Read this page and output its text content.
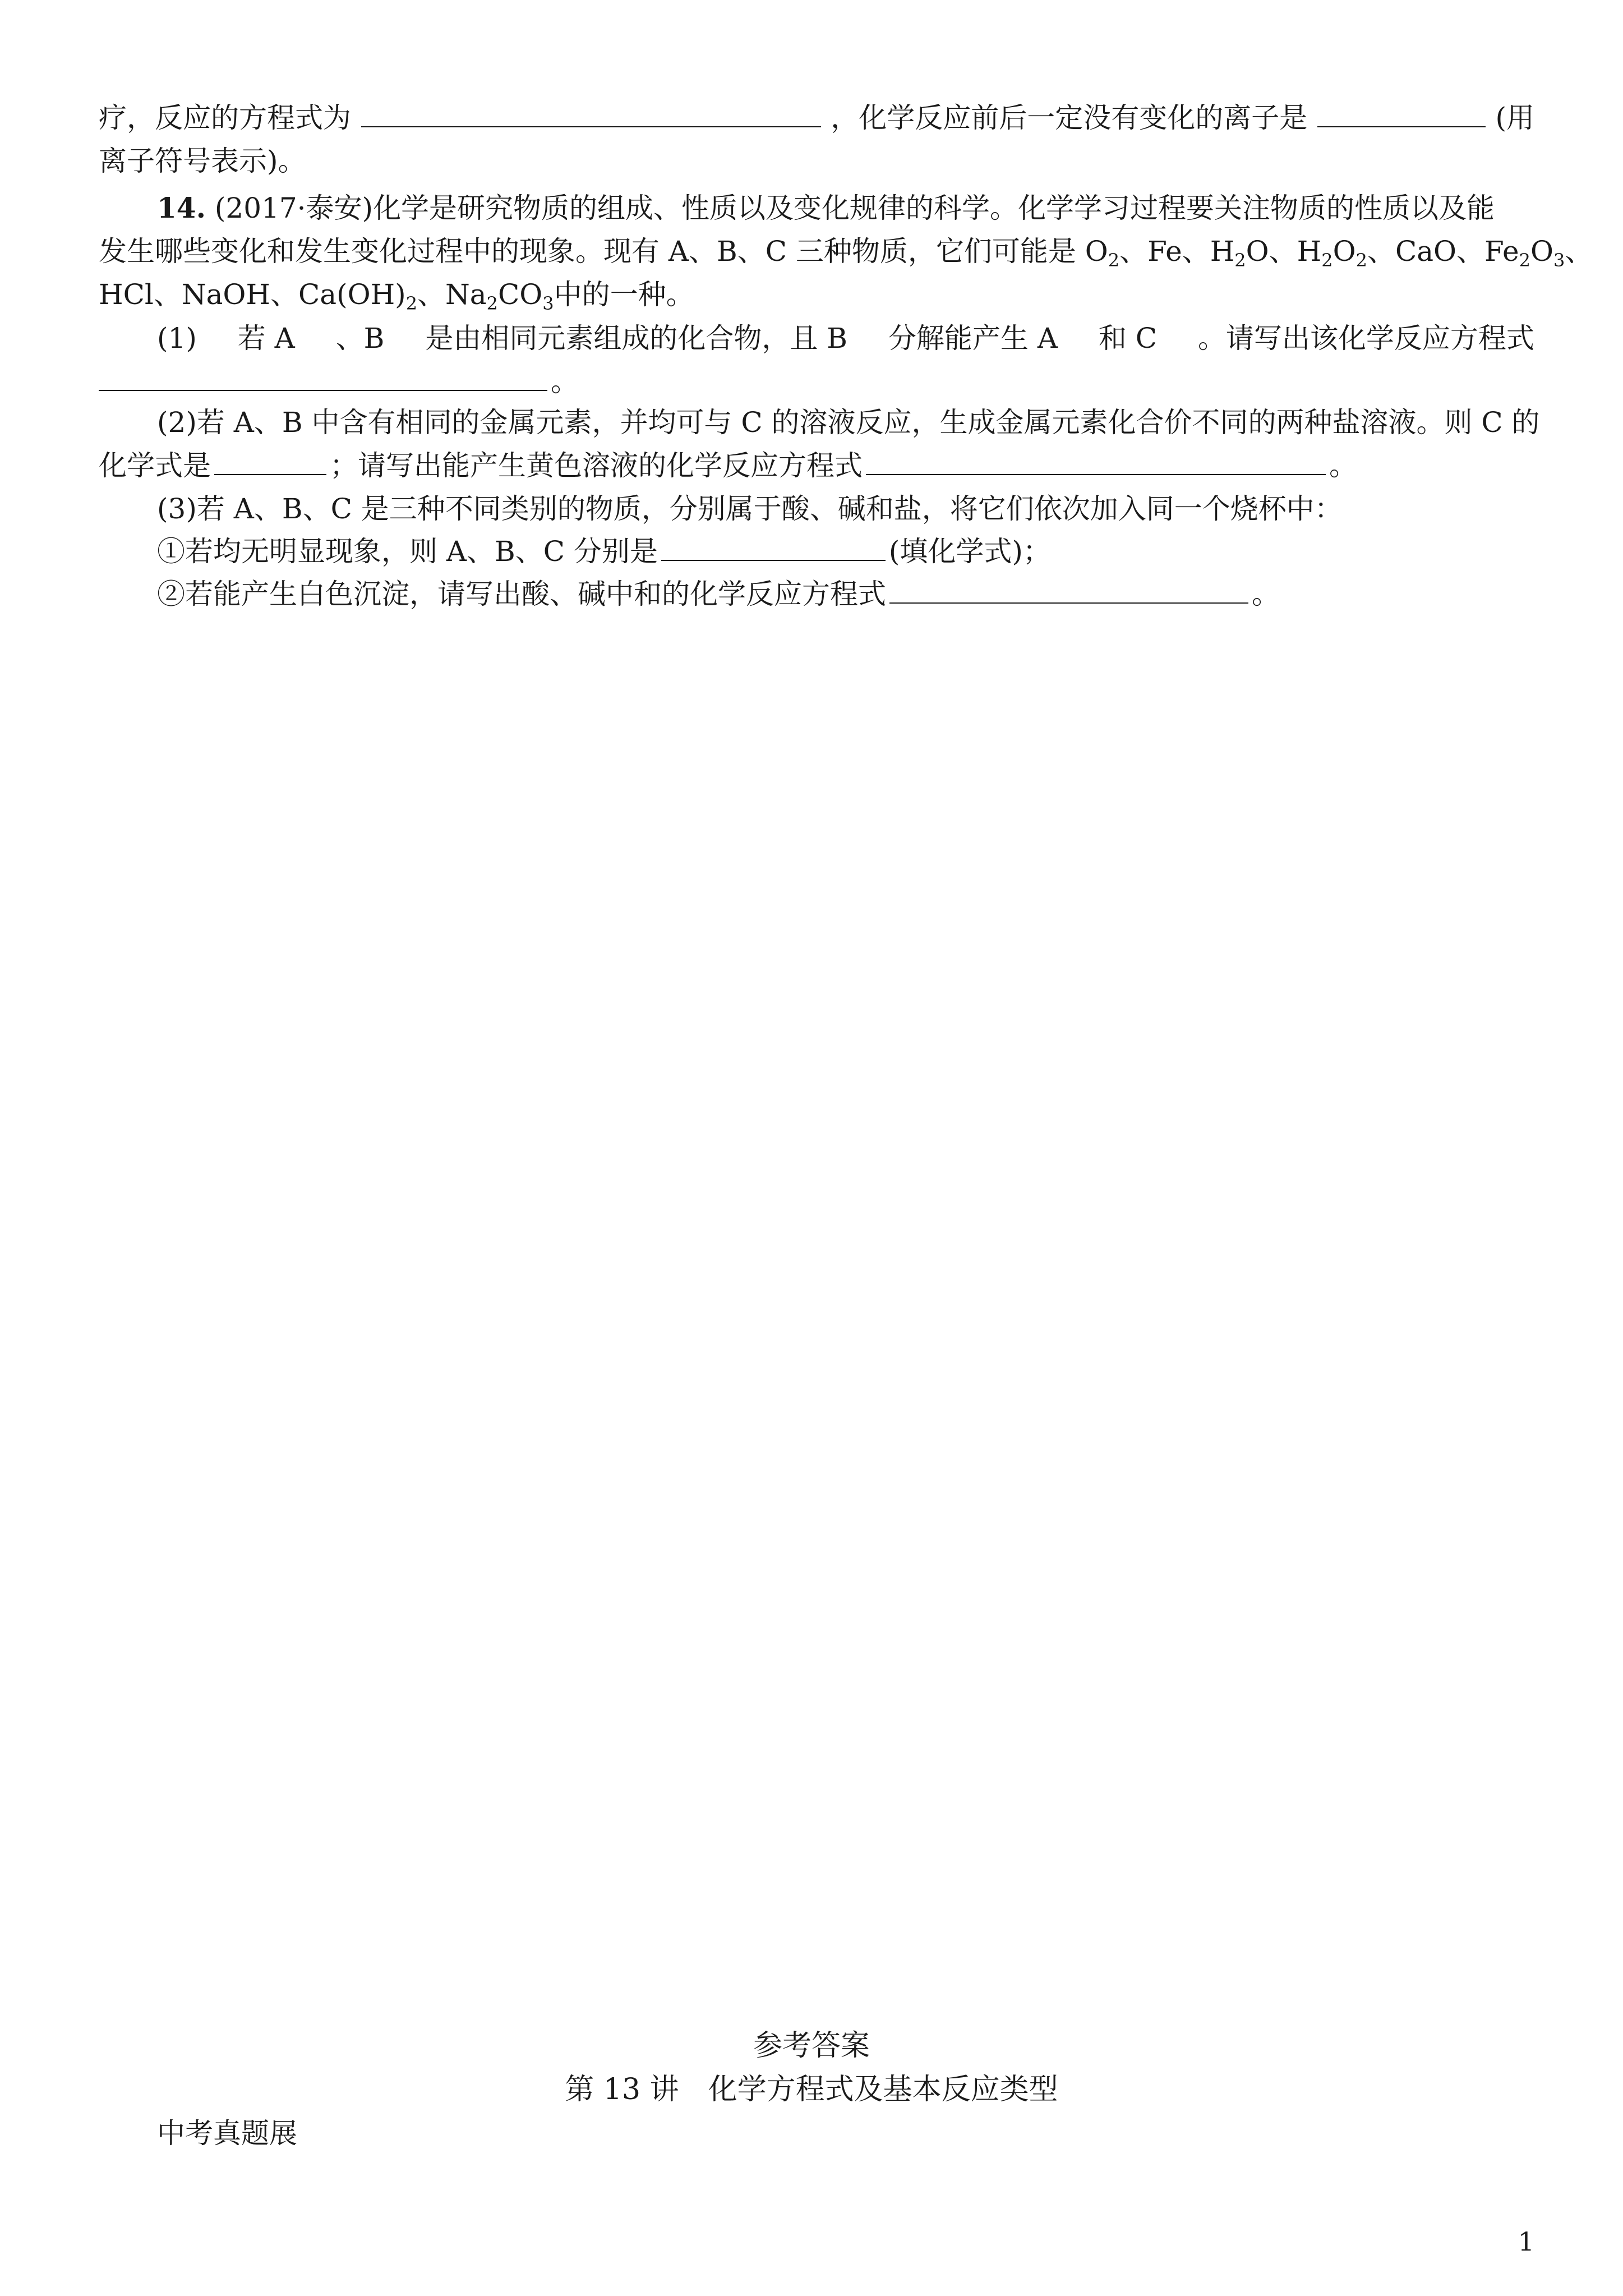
疗，反应的方程式为	，化学反应前后一定没有变化的离子是	(用
离子符号表示)。
14. (2017·泰安)化学是研究物质的组成、性质以及变化规律的科学。化学学习过程要关注物质的性质以及能
发生哪些变化和发生变化过程中的现象。现有 A、B、C 三种物质，它们可能是 $O_2$、Fe、$H_2O$、$H_2O_2$、CaO、$Fe_2O_3$、
HCl、NaOH、$Ca(OH)_2$、$Na_2CO_3$中的一种。
(1) 若 A 、B 是由相同元素组成的化合物，且 B 分解能产生 A 和 C 。请写出该化学反应方程式
。
(2)若 A、B 中含有相同的金属元素，并均可与 C 的溶液反应，生成金属元素化合价不同的两种盐溶液。则 C 的
化学式是	；请写出能产生黄色溶液的化学反应方程式	。
(3)若 A、B、C 是三种不同类别的物质，分别属于酸、碱和盐，将它们依次加入同一个烧杯中：
①若均无明显现象，则 A、B、C 分别是	(填化学式)；
②若能产生白色沉淀，请写出酸、碱中和的化学反应方程式	。
参考答案
第 13 讲　化学方程式及基本反应类型
中考真题展
1
